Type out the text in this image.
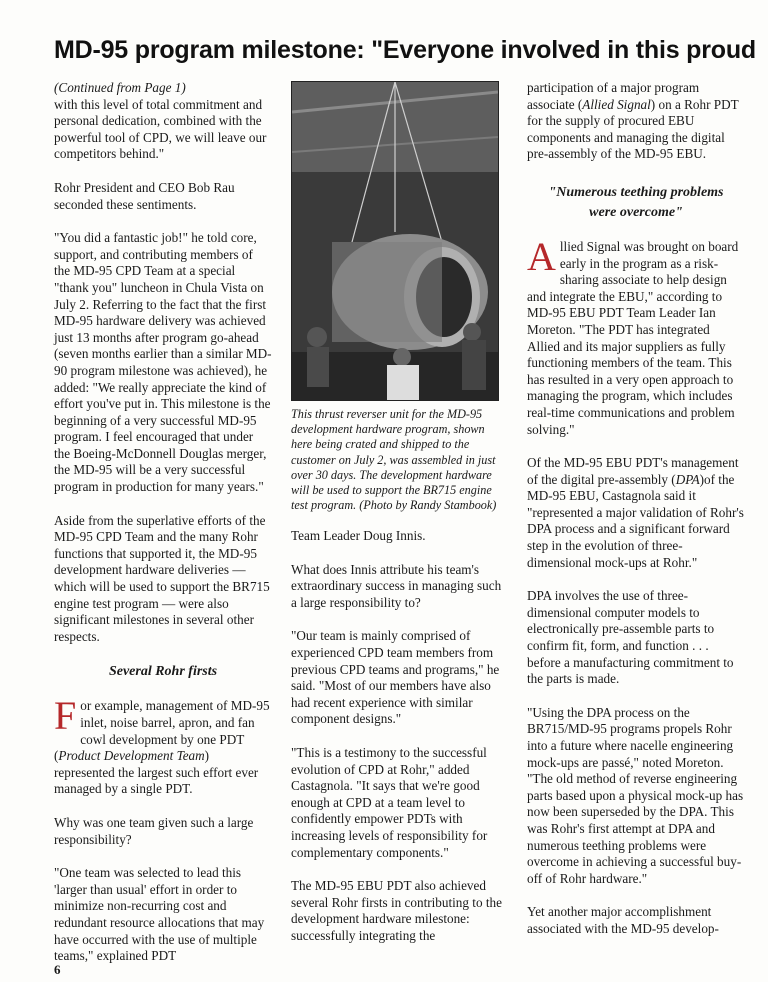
MD-95 program milestone: "Everyone involved in this proud

(Continued from Page 1)
with this level of total commitment and personal dedication, combined with the powerful tool of CPD, we will leave our competitors behind."

Rohr President and CEO Bob Rau seconded these sentiments.

"You did a fantastic job!" he told core, support, and contributing members of the MD-95 CPD Team at a special "thank you" luncheon in Chula Vista on July 2. Referring to the fact that the first MD-95 hardware delivery was achieved just 13 months after program go-ahead (seven months earlier than a similar MD-90 program milestone was achieved), he added: "We really appreciate the kind of effort you've put in. This milestone is the beginning of a very successful MD-95 program. I feel encouraged that under the Boeing-McDonnell Douglas merger, the MD-95 will be a very successful program in production for many years."

Aside from the superlative efforts of the MD-95 CPD Team and the many Rohr functions that supported it, the MD-95 development hardware deliveries — which will be used to support the BR715 engine test program — were also significant milestones in several other respects.

Several Rohr firsts

For example, management of MD-95 inlet, noise barrel, apron, and fan cowl development by one PDT (Product Development Team) represented the largest such effort ever managed by a single PDT.

Why was one team given such a large responsibility?

"One team was selected to lead this 'larger than usual' effort in order to minimize non-recurring cost and redundant resource allocations that may have occurred with the use of multiple teams," explained PDT

This thrust reverser unit for the MD-95 development hardware program, shown here being crated and shipped to the customer on July 2, was assembled in just over 30 days. The development hardware will be used to support the BR715 engine test program. (Photo by Randy Stambook)

Team Leader Doug Innis.

What does Innis attribute his team's extraordinary success in managing such a large responsibility to?

"Our team is mainly comprised of experienced CPD team members from previous CPD teams and programs," he said. "Most of our members have also had recent experience with similar component designs."

"This is a testimony to the successful evolution of CPD at Rohr," added Castagnola. "It says that we're good enough at CPD at a team level to confidently empower PDTs with increasing levels of responsibility for complementary components."

The MD-95 EBU PDT also achieved several Rohr firsts in contributing to the development hardware milestone: successfully integrating the

participation of a major program associate (Allied Signal) on a Rohr PDT for the supply of procured EBU components and managing the digital pre-assembly of the MD-95 EBU.

"Numerous teething problems
were overcome"

Allied Signal was brought on board early in the program as a risk-sharing associate to help design and integrate the EBU," according to MD-95 EBU PDT Team Leader Ian Moreton. "The PDT has integrated Allied and its major suppliers as fully functioning members of the team. This has resulted in a very open approach to managing the program, which includes real-time communications and problem solving."

Of the MD-95 EBU PDT's management of the digital pre-assembly (DPA)of the MD-95 EBU, Castagnola said it "represented a major validation of Rohr's DPA process and a significant forward step in the evolution of three-dimensional mock-ups at Rohr."

DPA involves the use of three-dimensional computer models to electronically pre-assemble parts to confirm fit, form, and function . . . before a manufacturing commitment to the parts is made.

"Using the DPA process on the BR715/MD-95 programs propels Rohr into a future where nacelle engineering mock-ups are passé," noted Moreton. "The old method of reverse engineering parts based upon a physical mock-up has now been superseded by the DPA. This was Rohr's first attempt at DPA and numerous teething problems were overcome in achieving a successful buy-off of Rohr hardware."

Yet another major accomplishment associated with the MD-95 develop-

6
